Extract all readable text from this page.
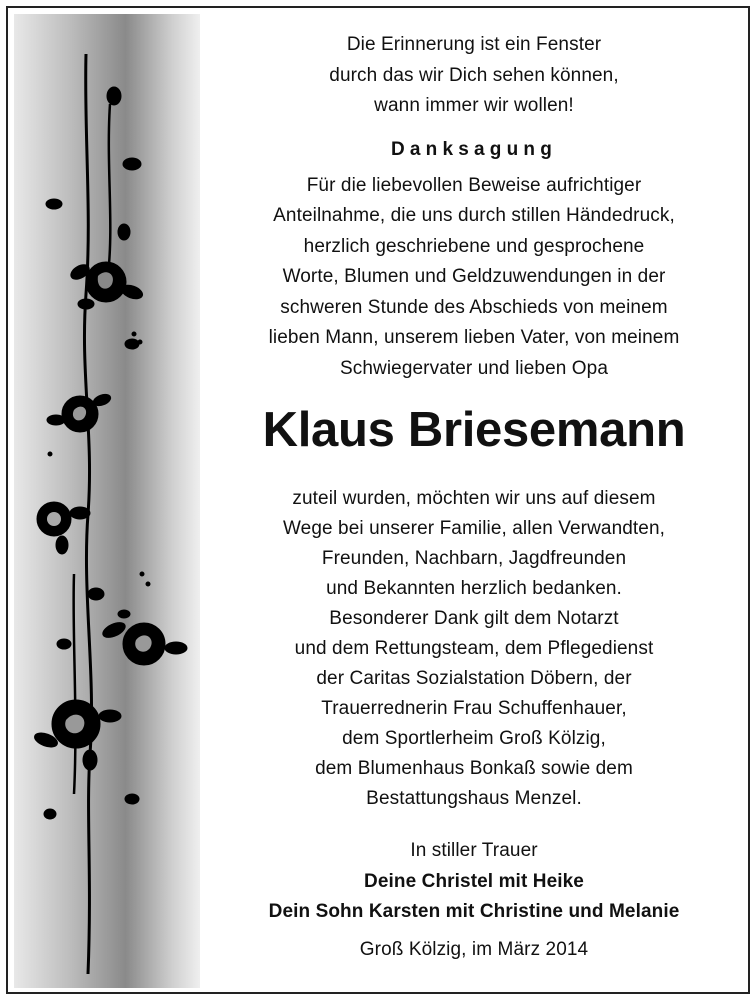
Die Erinnerung ist ein Fenster
durch das wir Dich sehen können,
wann immer wir wollen!
Danksagung
Für die liebevollen Beweise aufrichtiger
Anteilnahme, die uns durch stillen Händedruck,
herzlich geschriebene und gesprochene
Worte, Blumen und Geldzuwendungen in der
schweren Stunde des Abschieds von meinem
lieben Mann, unserem lieben Vater, von meinem
Schwiegervater und lieben Opa
Klaus Briesemann
zuteil wurden, möchten wir uns auf diesem
Wege bei unserer Familie, allen Verwandten,
Freunden, Nachbarn, Jagdfreunden
und Bekannten herzlich bedanken.
Besonderer Dank gilt dem Notarzt
und dem Rettungsteam, dem Pflegedienst
der Caritas Sozialstation Döbern, der
Trauerrednerin Frau Schuffenhauer,
dem Sportlerheim Groß Kölzig,
dem Blumenhaus Bonkaß sowie dem
Bestattungshaus Menzel.
In stiller Trauer
Deine Christel mit Heike
Dein Sohn Karsten mit Christine und Melanie
Groß Kölzig, im März 2014
